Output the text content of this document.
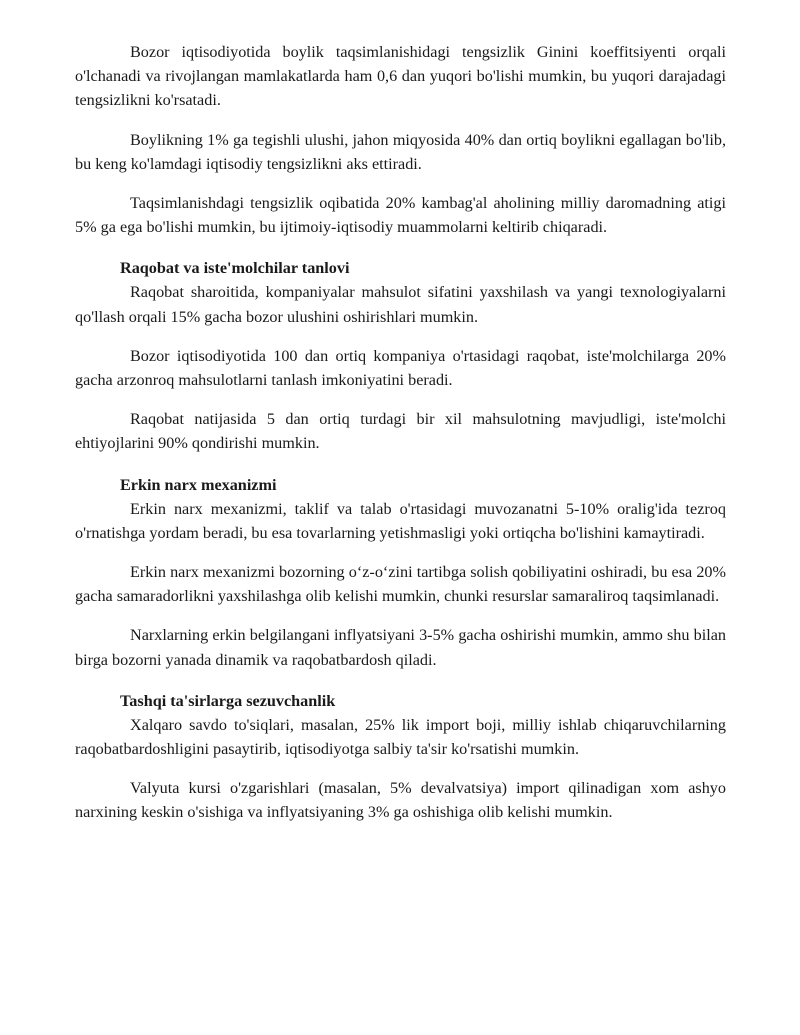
Bozor iqtisodiyotida boylik taqsimlanishidagi tengsizlik Ginini koeffitsiyenti orqali o'lchanadi va rivojlangan mamlakatlarda ham 0,6 dan yuqori bo'lishi mumkin, bu yuqori darajadagi tengsizlikni ko'rsatadi.

Boylikning 1% ga tegishli ulushi, jahon miqyosida 40% dan ortiq boylikni egallagan bo'lib, bu keng ko'lamdagi iqtisodiy tengsizlikni aks ettiradi.

Taqsimlanishdagi tengsizlik oqibatida 20% kambag'al aholining milliy daromadning atigi 5% ga ega bo'lishi mumkin, bu ijtimoiy-iqtisodiy muammolarni keltirib chiqaradi.

Raqobat va iste'molchilar tanlovi

Raqobat sharoitida, kompaniyalar mahsulot sifatini yaxshilash va yangi texnologiyalarni qo'llash orqali 15% gacha bozor ulushini oshirishlari mumkin.

Bozor iqtisodiyotida 100 dan ortiq kompaniya o'rtasidagi raqobat, iste'molchilarga 20% gacha arzonroq mahsulotlarni tanlash imkoniyatini beradi.

Raqobat natijasida 5 dan ortiq turdagi bir xil mahsulotning mavjudligi, iste'molchi ehtiyojlarini 90% qondirishi mumkin.

Erkin narx mexanizmi

Erkin narx mexanizmi, taklif va talab o'rtasidagi muvozanatni 5-10% oralig'ida tezroq o'rnatishga yordam beradi, bu esa tovarlarning yetishmasligi yoki ortiqcha bo'lishini kamaytiradi.

Erkin narx mexanizmi bozorning o‘z-o‘zini tartibga solish qobiliyatini oshiradi, bu esa 20% gacha samaradorlikni yaxshilashga olib kelishi mumkin, chunki resurslar samaraliroq taqsimlanadi.

Narxlarning erkin belgilangani inflyatsiyani 3-5% gacha oshirishi mumkin, ammo shu bilan birga bozorni yanada dinamik va raqobatbardosh qiladi.

Tashqi ta'sirlarga sezuvchanlik

Xalqaro savdo to'siqlari, masalan, 25% lik import boji, milliy ishlab chiqaruvchilarning raqobatbardoshligini pasaytirib, iqtisodiyotga salbiy ta'sir ko'rsatishi mumkin.

Valyuta kursi o'zgarishlari (masalan, 5% devalvatsiya) import qilinadigan xom ashyo narxining keskin o'sishiga va inflyatsiyaning 3% ga oshishiga olib kelishi mumkin.
